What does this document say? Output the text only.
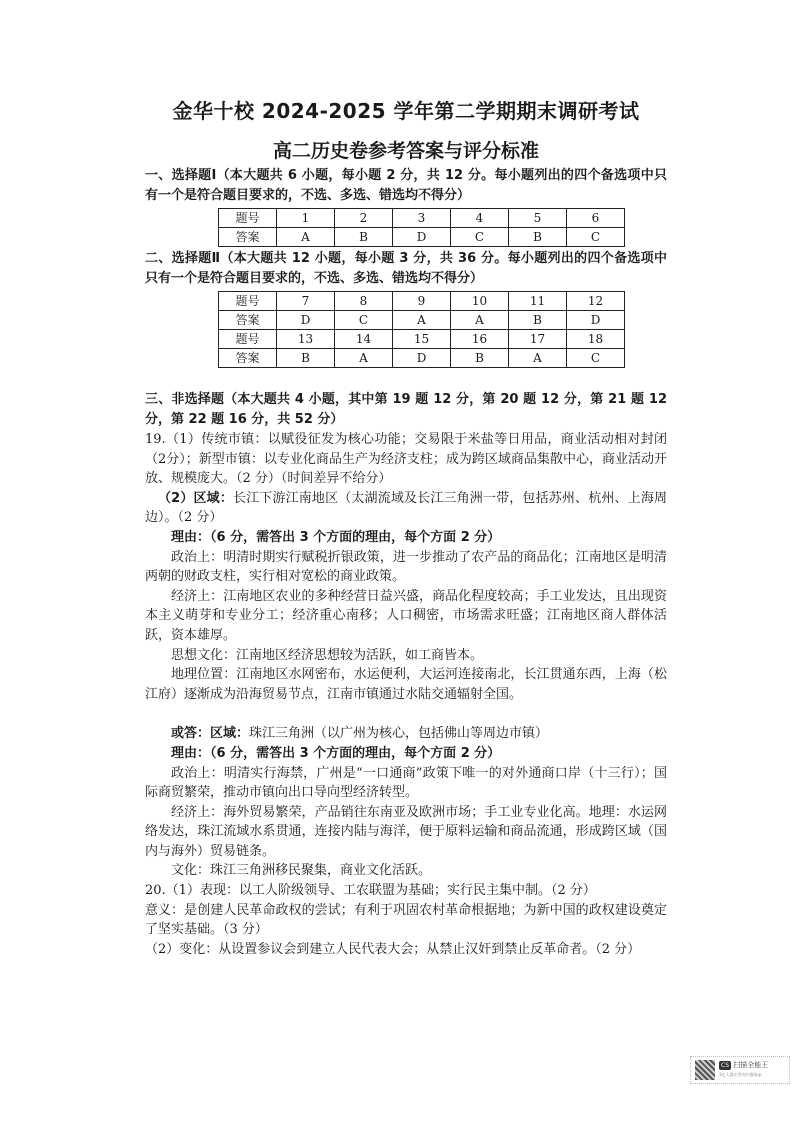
金华十校 2024-2025 学年第二学期期末调研考试
高二历史卷参考答案与评分标准
一、选择题Ⅰ（本大题共 6 小题，每小题 2 分，共 12 分。每小题列出的四个备选项中只有一个是符合题目要求的，不选、多选、错选均不得分）
题号	1	2	3	4	5	6
答案	A	B	D	C	B	C
二、选择题Ⅱ（本大题共 12 小题，每小题 3 分，共 36 分。每小题列出的四个备选项中只有一个是符合题目要求的，不选、多选、错选均不得分）
题号	7	8	9	10	11	12
答案	D	C	A	A	B	D
题号	13	14	15	16	17	18
答案	B	A	D	B	A	C
三、非选择题（本大题共 4 小题，其中第 19 题 12 分，第 20 题 12 分，第 21 题 12 分，第 22 题 16 分，共 52 分）

19.（1）传统市镇：以赋役征发为核心功能；交易限于米盐等日用品，商业活动相对封闭（2分）；新型市镇：以专业化商品生产为经济支柱；成为跨区域商品集散中心，商业活动开放、规模庞大。（2 分）（时间差异不给分）

（2）区域：长江下游江南地区（太湖流域及长江三角洲一带，包括苏州、杭州、上海周边）。（2 分）

理由：（6 分，需答出 3 个方面的理由，每个方面 2 分）

政治上：明清时期实行赋税折银政策，进一步推动了农产品的商品化；江南地区是明清两朝的财政支柱，实行相对宽松的商业政策。

经济上：江南地区农业的多种经营日益兴盛，商品化程度较高；手工业发达，且出现资本主义萌芽和专业分工；经济重心南移；人口稠密，市场需求旺盛；江南地区商人群体活跃，资本雄厚。

思想文化：江南地区经济思想较为活跃，如工商皆本。

地理位置：江南地区水网密布，水运便利，大运河连接南北，长江贯通东西，上海（松江府）逐渐成为沿海贸易节点，江南市镇通过水陆交通辐射全国。

或答：区域：珠江三角洲（以广州为核心，包括佛山等周边市镇）

理由：（6 分，需答出 3 个方面的理由，每个方面 2 分）

政治上：明清实行海禁，广州是“一口通商”政策下唯一的对外通商口岸（十三行）；国际商贸繁荣，推动市镇向出口导向型经济转型。

经济上：海外贸易繁荣，产品销往东南亚及欧洲市场；手工业专业化高。地理：水运网络发达，珠江流域水系贯通，连接内陆与海洋，便于原料运输和商品流通，形成跨区域（国内与海外）贸易链条。

文化：珠江三角洲移民聚集，商业文化活跃。

20.（1）表现：以工人阶级领导、工农联盟为基础；实行民主集中制。（2 分）

意义：是创建人民革命政权的尝试；有利于巩固农村革命根据地；为新中国的政权建设奠定了坚实基础。（3 分）

（2）变化：从设置参议会到建立人民代表大会；从禁止汉奸到禁止反革命者。（2 分）

CS 扫描全能王
3亿人都在用的扫描App
